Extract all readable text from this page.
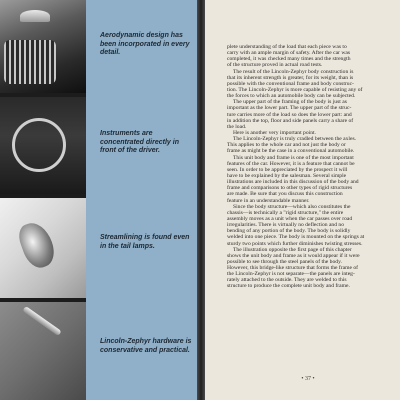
Aerodynamic design has been incorporated in every detail.

Instruments are concentrated directly in front of the driver.

Streamlining is found even in the tail lamps.

Lincoln-Zephyr hardware is conservative and practical.

plete understanding of the load that each piece was to
carry with an ample margin of safety. After the car was
completed, it was checked many times and the strength
of the structure proved in actual road tests.
The result of the Lincoln-Zephyr body construction is
that its inherent strength is greater, for its weight, than is
possible with the conventional frame and body construc-
tion. The Lincoln-Zephyr is more capable of resisting any of
the forces to which an automobile body can be subjected.
The upper part of the framing of the body is just as
important as the lower part. The upper part of the struc-
ture carries more of the load so does the lower part: and
in addition the top, floor and side panels carry a share of
the load.
Here is another very important point.
The Lincoln-Zephyr is truly cradled between the axles.
This applies to the whole car and not just the body or
frame as might be the case in a conventional automobile.
This unit body and frame is one of the most important
features of the car. However, it is a feature that cannot be
seen. In order to be appreciated by the prospect it will
have to be explained by the salesman. Several simple
illustrations are included in this discussion of the body and
frame and comparisons to other types of rigid structures
are made. Be sure that you discuss this construction
feature in an understandable manner.
Since the body structure—which also constitutes the
chassis—is technically a "rigid structure," the entire
assembly moves as a unit when the car passes over road
irregularities. There is virtually no deflection and no
bending of any portion of the body. The body is solidly
welded into one piece. The body is mounted on the springs at
sturdy two points which further diminishes twisting stresses.
The illustration opposite the first page of this chapter
shows the unit body and frame as it would appear if it were
possible to see through the steel panels of the body.
However, this bridge-like structure that forms the frame of
the Lincoln-Zephyr is not separate—the panels are integ-
rately attached to the outside. They are welded to this
structure to produce the complete unit body and frame.
• 37 •
